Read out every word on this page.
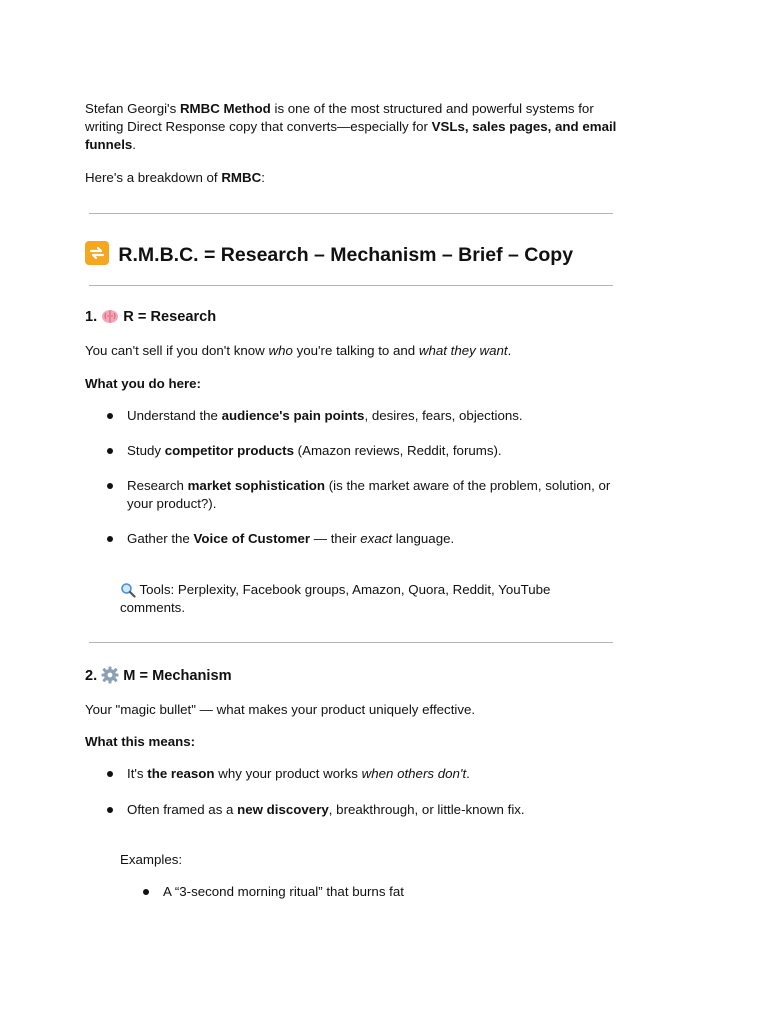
Stefan Georgi's RMBC Method is one of the most structured and powerful systems for
writing Direct Response copy that converts—especially for VSLs, sales pages, and email
funnels.
Here's a breakdown of RMBC:
R.M.B.C. = Research – Mechanism – Brief – Copy
1. R = Research
You can't sell if you don't know who you're talking to and what they want.
What you do here:
Understand the audience's pain points, desires, fears, objections.
Study competitor products (Amazon reviews, Reddit, forums).
Research market sophistication (is the market aware of the problem, solution, or
your product?).
Gather the Voice of Customer — their exact language.
Tools: Perplexity, Facebook groups, Amazon, Quora, Reddit, YouTube
comments.
2. M = Mechanism
Your "magic bullet" — what makes your product uniquely effective.
What this means:
It's the reason why your product works when others don't.
Often framed as a new discovery, breakthrough, or little-known fix.
Examples:
A “3-second morning ritual” that burns fat
